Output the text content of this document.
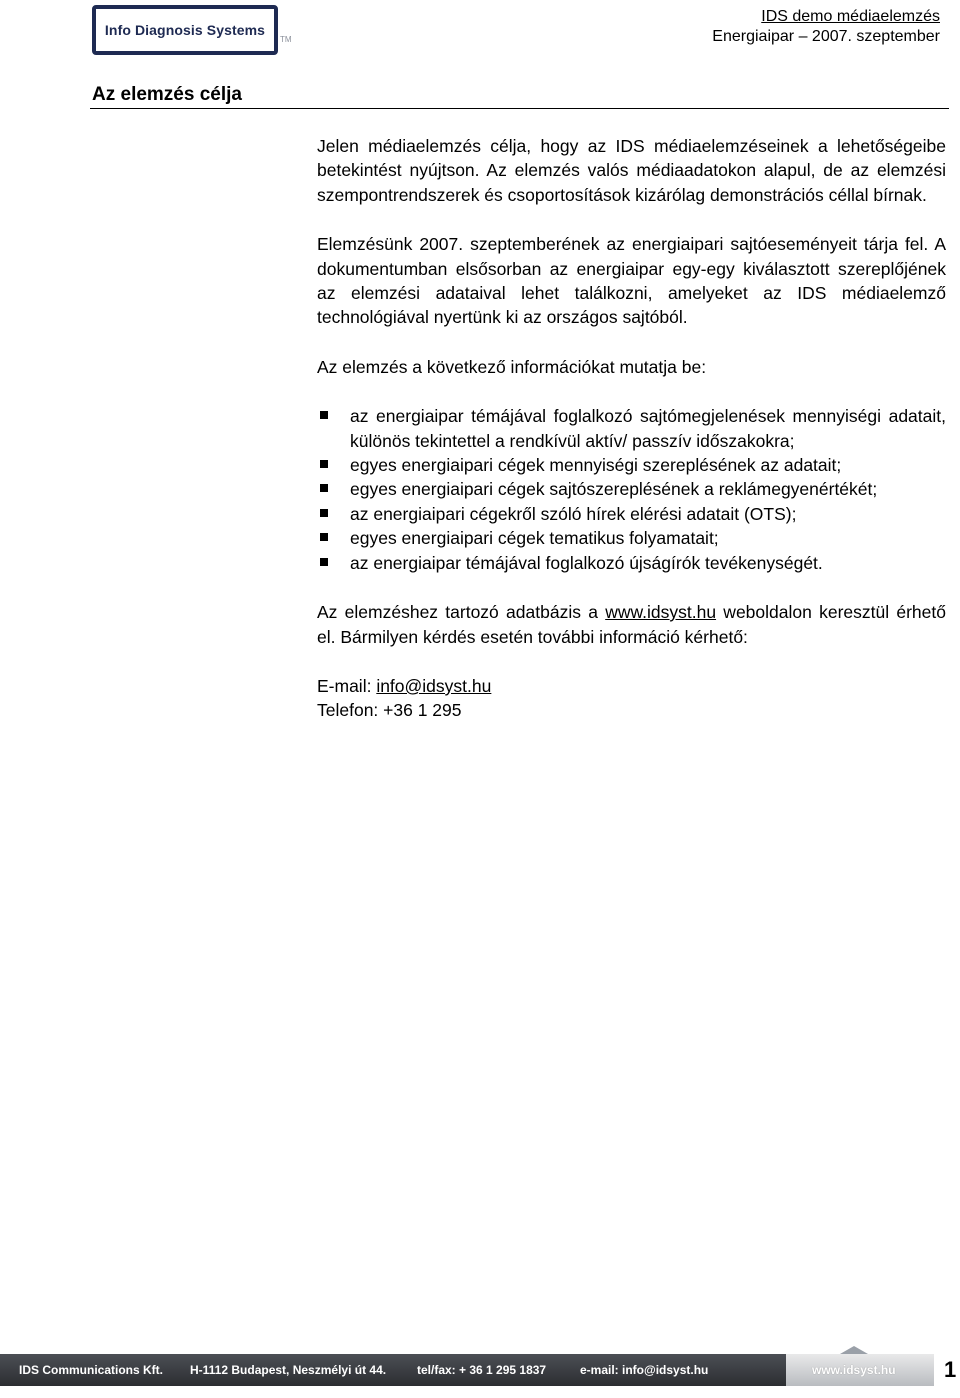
Info Diagnosis Systems
TM
IDS demo médiaelemzés
Energiaipar – 2007. szeptember
Az elemzés célja

Jelen médiaelemzés célja, hogy az IDS médiaelemzéseinek a lehetőségeibe betekintést nyújtson. Az elemzés valós médiaadatokon alapul, de az elemzési szempontrendszerek és csoportosítások kizárólag demonstrációs céllal bírnak.

Elemzésünk 2007. szeptemberének az energiaipari sajtóeseményeit tárja fel. A dokumentumban elsősorban az energiaipar egy-egy kiválasztott szereplőjének az elemzési adataival lehet találkozni, amelyeket az IDS médiaelemző technológiával nyertünk ki az országos sajtóból.

Az elemzés a következő információkat mutatja be:

az energiaipar témájával foglalkozó sajtómegjelenések mennyiségi adatait, különös tekintettel a rendkívül aktív/ passzív időszakokra;
egyes energiaipari cégek mennyiségi szereplésének az adatait;
egyes energiaipari cégek sajtószereplésének a reklámegyenértékét;
az energiaipari cégekről szóló hírek elérési adatait (OTS);
egyes energiaipari cégek tematikus folyamatait;
az energiaipar témájával foglalkozó újságírók tevékenységét.

Az elemzéshez tartozó adatbázis a www.idsyst.hu weboldalon keresztül érhető el. Bármilyen kérdés esetén további információ kérhető:

E-mail: info@idsyst.hu
Telefon: +36 1 295
IDS Communications Kft. H-1112 Budapest, Neszmélyi út 44.	tel/fax: + 36 1 295 1837	e-mail: info@idsyst.hu	www.idsyst.hu 1
